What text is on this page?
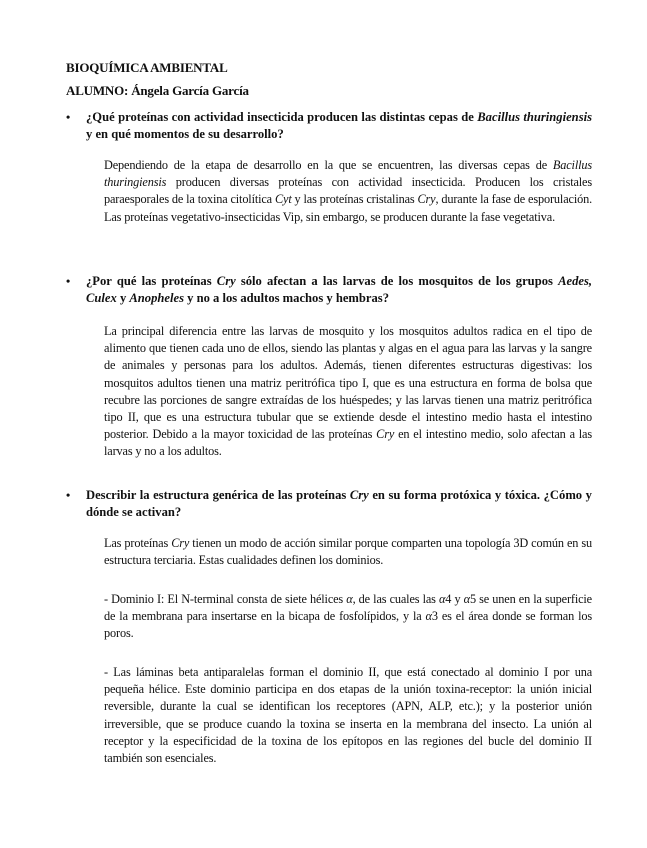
BIOQUÍMICA AMBIENTAL
ALUMNO: Ángela García García
• ¿Qué proteínas con actividad insecticida producen las distintas cepas de Bacillus thuringiensis y en qué momentos de su desarrollo?
Dependiendo de la etapa de desarrollo en la que se encuentren, las diversas cepas de Bacillus thuringiensis producen diversas proteínas con actividad insecticida. Producen los cristales paraesporales de la toxina citolítica Cyt y las proteínas cristalinas Cry, durante la fase de esporulación. Las proteínas vegetativo-insecticidas Vip, sin embargo, se producen durante la fase vegetativa.
• ¿Por qué las proteínas Cry sólo afectan a las larvas de los mosquitos de los grupos Aedes, Culex y Anopheles y no a los adultos machos y hembras?
La principal diferencia entre las larvas de mosquito y los mosquitos adultos radica en el tipo de alimento que tienen cada uno de ellos, siendo las plantas y algas en el agua para las larvas y la sangre de animales y personas para los adultos. Además, tienen diferentes estructuras digestivas: los mosquitos adultos tienen una matriz peritrófica tipo I, que es una estructura en forma de bolsa que recubre las porciones de sangre extraídas de los huéspedes; y las larvas tienen una matriz peritrófica tipo II, que es una estructura tubular que se extiende desde el intestino medio hasta el intestino posterior. Debido a la mayor toxicidad de las proteínas Cry en el intestino medio, solo afectan a las larvas y no a los adultos.
• Describir la estructura genérica de las proteínas Cry en su forma protóxica y tóxica. ¿Cómo y dónde se activan?
Las proteínas Cry tienen un modo de acción similar porque comparten una topología 3D común en su estructura terciaria. Estas cualidades definen los dominios.
- Dominio I: El N-terminal consta de siete hélices α, de las cuales las α4 y α5 se unen en la superficie de la membrana para insertarse en la bicapa de fosfolípidos, y la α3 es el área donde se forman los poros.
- Las láminas beta antiparalelas forman el dominio II, que está conectado al dominio I por una pequeña hélice. Este dominio participa en dos etapas de la unión toxina-receptor: la unión inicial reversible, durante la cual se identifican los receptores (APN, ALP, etc.); y la posterior unión irreversible, que se produce cuando la toxina se inserta en la membrana del insecto. La unión al receptor y la especificidad de la toxina de los epítopos en las regiones del bucle del dominio II también son esenciales.
